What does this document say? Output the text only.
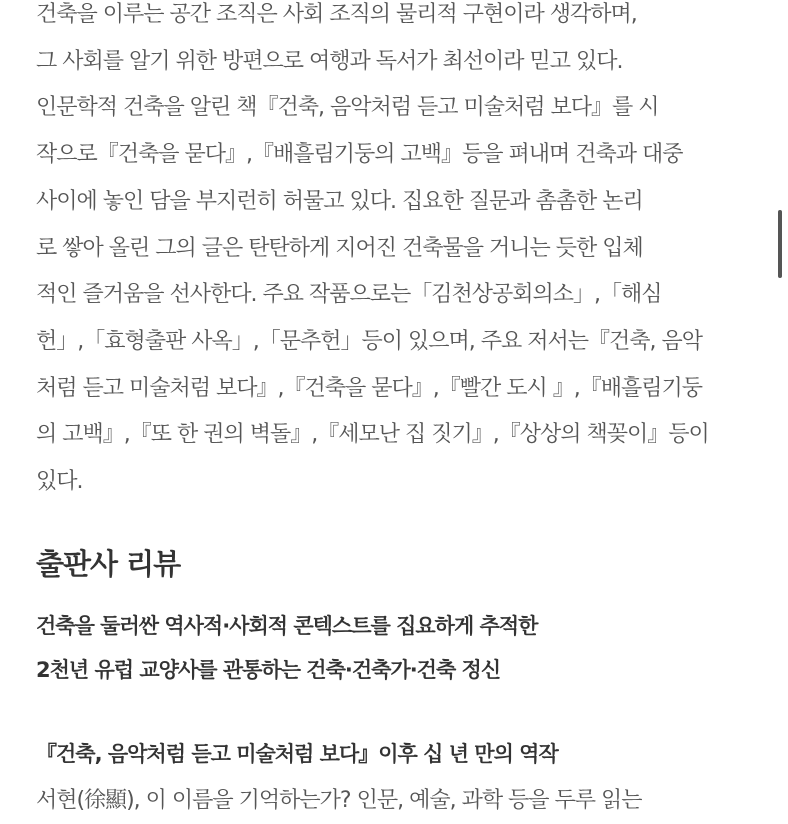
건축을 이루는 공간 조직은 사회 조직의 물리적 구현이라 생각하며,

그 사회를 알기 위한 방편으로 여행과 독서가 최선이라 믿고 있다.

인문학적 건축을 알린 책『건축, 음악처럼 듣고 미술처럼 보다』를 시

작으로『건축을 묻다』,『배흘림기둥의 고백』등을 펴내며 건축과 대중

사이에 놓인 담을 부지런히 허물고 있다. 집요한 질문과 촘촘한 논리

로 쌓아 올린 그의 글은 탄탄하게 지어진 건축물을 거니는 듯한 입체

적인 즐거움을 선사한다. 주요 작품으로는「김천상공회의소」,「해심

헌」,「효형출판 사옥」,「문추헌」등이 있으며, 주요 저서는『건축, 음악

처럼 듣고 미술처럼 보다』,『건축을 묻다』,『빨간 도시 』,『배흘림기둥

의 고백』,『또 한 권의 벽돌』,『세모난 집 짓기』,『상상의 책꽂이』등이

있다.

출판사 리뷰

건축을 둘러싼 역사적·사회적 콘텍스트를 집요하게 추적한

2천년 유럽 교양사를 관통하는 건축·건축가·건축 정신

『건축, 음악처럼 듣고 미술처럼 보다』이후 십 년 만의 역작

서현(徐顯), 이 이름을 기억하는가? 인문, 예술, 과학 등을 두루 읽는
